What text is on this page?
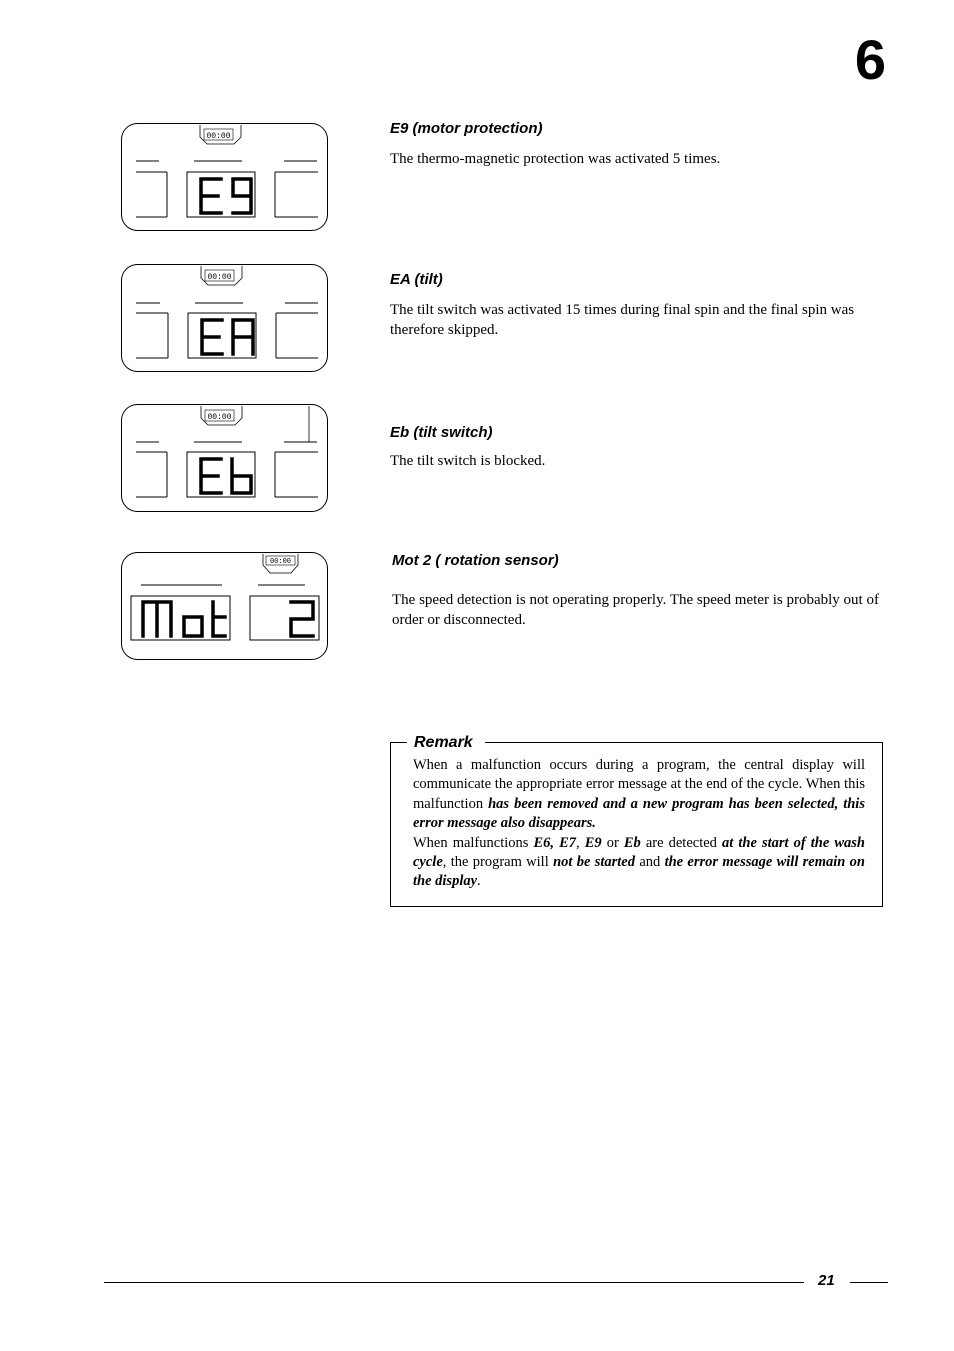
6
00:00
00:00
00:00
00:00

E9 (motor protection)

The thermo-magnetic protection was activated 5 times.

EA (tilt)

The tilt switch was activated 15 times during final spin and the final spin was therefore skipped.

Eb (tilt switch)

The tilt switch is blocked.

Mot 2 ( rotation sensor)

The speed detection is not operating properly. The speed meter is probably out of order or disconnected.

Remark

When a malfunction occurs during a program, the central display will communicate the appropriate error message at the end of the cycle. When this malfunction has been removed and a new program has been selected, this error message also disappears.

When malfunctions E6, E7, E9 or Eb are detected at the start of the wash cycle, the program will not be started and the error message will remain on the display.

21
